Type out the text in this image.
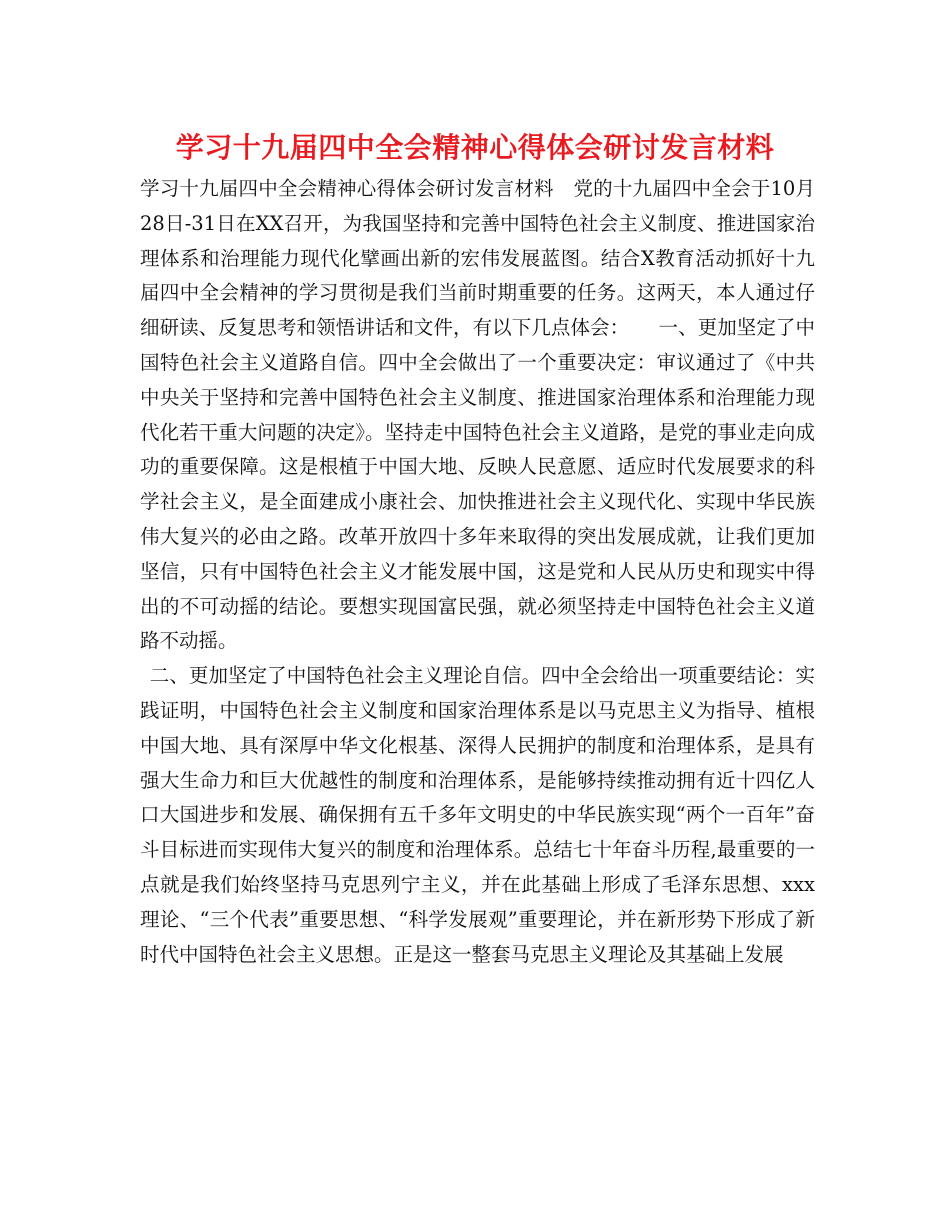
学习十九届四中全会精神心得体会研讨发言材料

学习十九届四中全会精神心得体会研讨发言材料　党的十九届四中全会于10月28日-31日在XX召开，为我国坚持和完善中国特色社会主义制度、推进国家治理体系和治理能力现代化擘画出新的宏伟发展蓝图。结合X教育活动抓好十九届四中全会精神的学习贯彻是我们当前时期重要的任务。这两天，本人通过仔细研读、反复思考和领悟讲话和文件，有以下几点体会：　　一、更加坚定了中国特色社会主义道路自信。四中全会做出了一个重要决定：审议通过了《中共中央关于坚持和完善中国特色社会主义制度、推进国家治理体系和治理能力现代化若干重大问题的决定》。坚持走中国特色社会主义道路，是党的事业走向成功的重要保障。这是根植于中国大地、反映人民意愿、适应时代发展要求的科学社会主义，是全面建成小康社会、加快推进社会主义现代化、实现中华民族伟大复兴的必由之路。改革开放四十多年来取得的突出发展成就，让我们更加坚信，只有中国特色社会主义才能发展中国，这是党和人民从历史和现实中得出的不可动摇的结论。要想实现国富民强，就必须坚持走中国特色社会主义道路不动摇。

二、更加坚定了中国特色社会主义理论自信。四中全会给出一项重要结论：实践证明，中国特色社会主义制度和国家治理体系是以马克思主义为指导、植根中国大地、具有深厚中华文化根基、深得人民拥护的制度和治理体系，是具有强大生命力和巨大优越性的制度和治理体系，是能够持续推动拥有近十四亿人口大国进步和发展、确保拥有五千多年文明史的中华民族实现“两个一百年”奋斗目标进而实现伟大复兴的制度和治理体系。总结七十年奋斗历程,最重要的一点就是我们始终坚持马克思列宁主义，并在此基础上形成了毛泽东思想、xxx理论、“三个代表”重要思想、“科学发展观”重要理论，并在新形势下形成了新时代中国特色社会主义思想。正是这一整套马克思主义理论及其基础上发展
